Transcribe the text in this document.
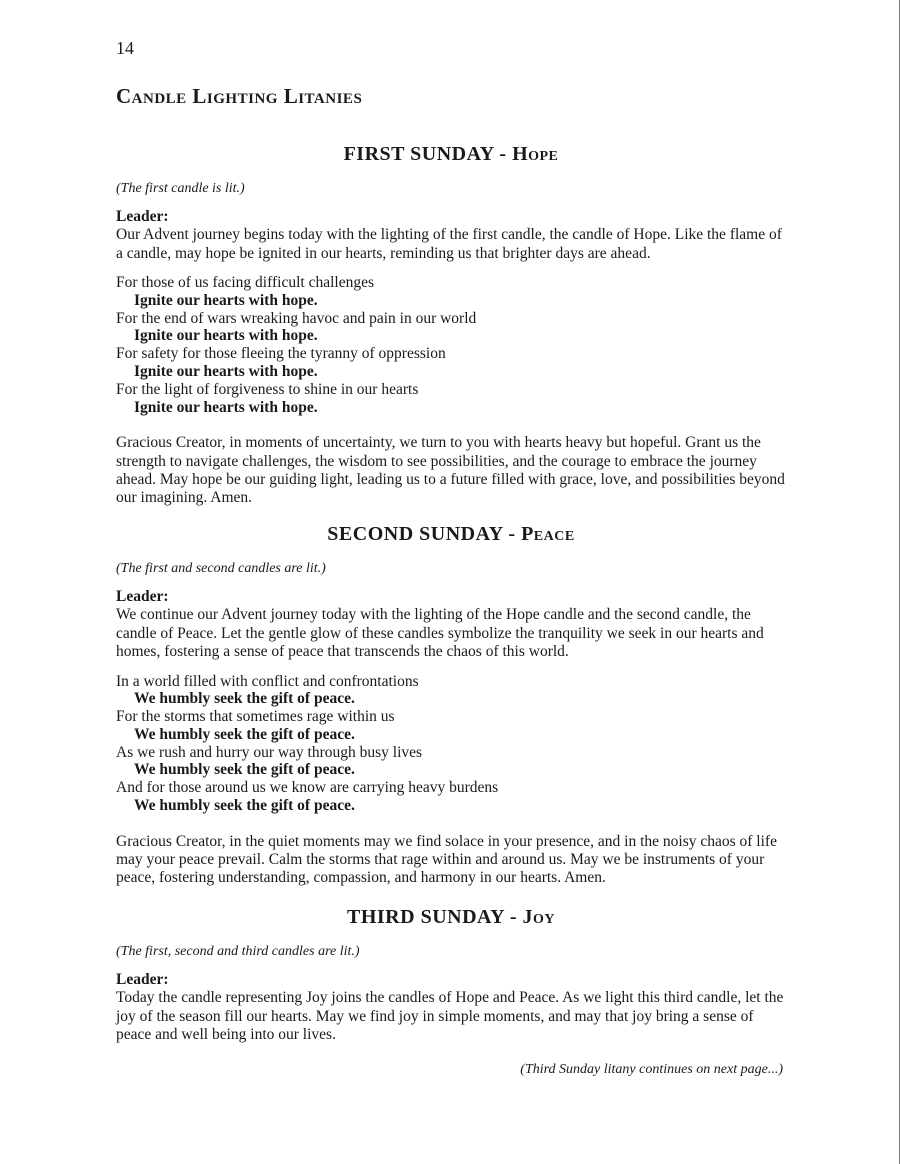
14
Candle Lighting Litanies
FIRST SUNDAY - Hope

(The first candle is lit.)

Leader:

Our Advent journey begins today with the lighting of the first candle, the candle of Hope. Like the flame of a candle, may hope be ignited in our hearts, reminding us that brighter days are ahead.

For those of us facing difficult challenges
Ignite our hearts with hope.
For the end of wars wreaking havoc and pain in our world
Ignite our hearts with hope.
For safety for those fleeing the tyranny of oppression
Ignite our hearts with hope.
For the light of forgiveness to shine in our hearts
Ignite our hearts with hope.

Gracious Creator, in moments of uncertainty, we turn to you with hearts heavy but hopeful. Grant us the strength to navigate challenges, the wisdom to see possibilities, and the courage to embrace the journey ahead. May hope be our guiding light, leading us to a future filled with grace, love, and possibilities beyond our imagining. Amen.

SECOND SUNDAY - Peace

(The first and second candles are lit.)

Leader:

We continue our Advent journey today with the lighting of the Hope candle and the second candle, the candle of Peace. Let the gentle glow of these candles symbolize the tranquility we seek in our hearts and homes, fostering a sense of peace that transcends the chaos of this world.

In a world filled with conflict and confrontations
We humbly seek the gift of peace.
For the storms that sometimes rage within us
We humbly seek the gift of peace.
As we rush and hurry our way through busy lives
We humbly seek the gift of peace.
And for those around us we know are carrying heavy burdens
We humbly seek the gift of peace.

Gracious Creator, in the quiet moments may we find solace in your presence, and in the noisy chaos of life may your peace prevail. Calm the storms that rage within and around us. May we be instruments of your peace, fostering understanding, compassion, and harmony in our hearts. Amen.

THIRD SUNDAY - Joy

(The first, second and third candles are lit.)

Leader:

Today the candle representing Joy joins the candles of Hope and Peace. As we light this third candle, let the joy of the season fill our hearts. May we find joy in simple moments, and may that joy bring a sense of peace and well being into our lives.

(Third Sunday litany continues on next page...)
